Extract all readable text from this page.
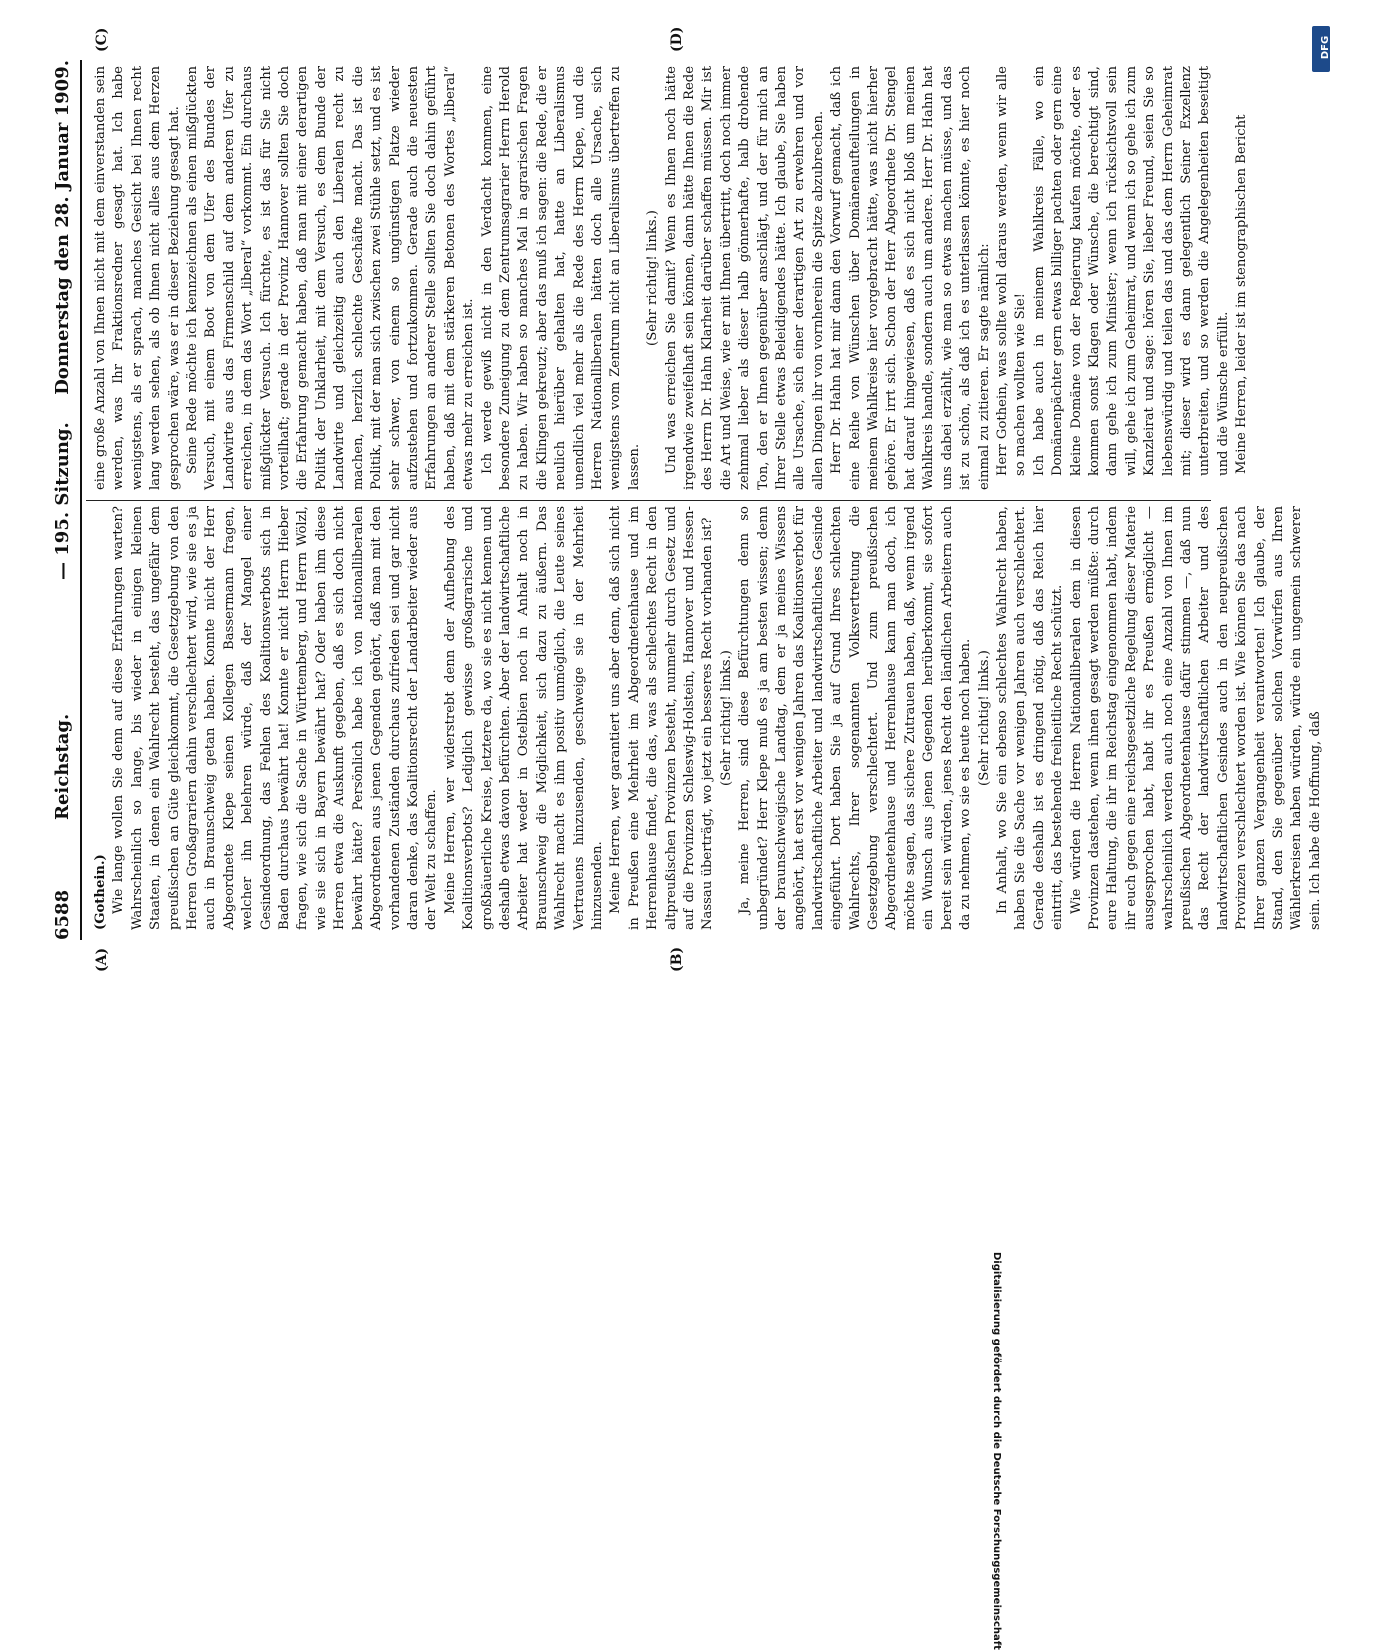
6588
Reichstag.
— 195. Sitzung.
Donnerstag den 28. Januar 1909.
(A)	(B)
(C)	(D)

(Gothein.) Wie lange wollen Sie denn auf diese Erfahrungen warten? Wahrscheinlich so lange, bis wieder in einigen kleinen Staaten, in denen ein Wahlrecht besteht, das ungefähr dem preußischen an Güte gleichkommt, die Gesetzgebung von den Herren Großagrariern dahin verschlechtert wird, wie sie es ja auch in Braunschweig getan haben. Konnte nicht der Herr Abgeordnete Klepe seinen Kollegen Bassermann fragen, welcher ihn belehren würde, daß der Mangel einer Gesindeordnung, das Fehlen des Koalitionsverbots sich in Baden durchaus bewährt hat! Konnte er nicht Herrn Hieber fragen, wie sich die Sache in Württemberg, und Herrn Wölzl, wie sie sich in Bayern bewährt hat? Oder haben ihm diese Herren etwa die Auskunft gegeben, daß es sich doch nicht bewährt hätte? Persönlich habe ich von nationalliberalen Abgeordneten aus jenen Gegenden gehört, daß man mit den vorhandenen Zuständen durchaus zufrieden sei und gar nicht daran denke, das Koalitionsrecht der Landarbeiter wieder aus der Welt zu schaffen. Meine Herren, wer widerstrebt denn der Aufhebung des Koalitionsverbots? Lediglich gewisse großagrarische und großbäuerliche Kreise, letztere da, wo sie es nicht kennen und deshalb etwas davon befürchten. Aber der landwirtschaftliche Arbeiter hat weder in Ostelbien noch in Anhalt noch in Braunschweig die Möglichkeit, sich dazu zu äußern. Das Wahlrecht macht es ihm positiv unmöglich, die Leute seines Vertrauens hinzusenden, geschweige sie in der Mehrheit hinzusenden. Meine Herren, wer garantiert uns aber denn, daß sich nicht in Preußen eine Mehrheit im Abgeordnetenhause und im Herrenhause findet, die das, was als schlechtes Recht in den altpreußischen Provinzen besteht, nunmehr durch Gesetz und auf die Provinzen Schleswig-Holstein, Hannover und Hessen-Nassau überträgt, wo jetzt ein besseres Recht vorhanden ist? (Sehr richtig! links.) Ja, meine Herren, sind diese Befürchtungen denn so unbegründet? Herr Klepe muß es ja am besten wissen; denn der braunschweigische Landtag, dem er ja meines Wissens angehört, hat erst vor wenigen Jahren das Koalitionsverbot für landwirtschaftliche Arbeiter und landwirtschaftliches Gesinde eingeführt. Dort haben Sie ja auf Grund Ihres schlechten Wahlrechts, Ihrer sogenannten Volksvertretung die Gesetzgebung verschlechtert. Und zum preußischen Abgeordnetenhause und Herrenhause kann man doch, ich möchte sagen, das sichere Zutrauen haben, daß, wenn irgend ein Wunsch aus jenen Gegenden herüberkommt, sie sofort bereit sein würden, jenes Recht den ländlichen Arbeitern auch da zu nehmen, wo sie es heute noch haben. (Sehr richtig! links.) In Anhalt, wo Sie ein ebenso schlechtes Wahlrecht haben, haben Sie die Sache vor wenigen Jahren auch verschlechtert. Gerade deshalb ist es dringend nötig, daß das Reich hier eintritt, das bestehende freiheitliche Recht schützt. Wie würden die Herren Nationalliberalen dem in diesen Provinzen dastehen, wenn ihnen gesagt werden müßte: durch eure Haltung, die ihr im Reichstag eingenommen habt, indem ihr euch gegen eine reichsgesetzliche Regelung dieser Materie ausgesprochen habt, habt ihr es Preußen ermöglicht — wahrscheinlich werden auch noch eine Anzahl von Ihnen im preußischen Abgeordnetenhause dafür stimmen —, daß nun das Recht der landwirtschaftlichen Arbeiter und des landwirtschaftlichen Gesindes auch in den neupreußischen Provinzen verschlechtert worden ist. Wie können Sie das nach Ihrer ganzen Vergangenheit verantworten! Ich glaube, der Stand, den Sie gegenüber solchen Vorwürfen aus Ihren Wählerkreisen haben würden, würde ein ungemein schwerer sein. Ich habe die Hoffnung, daß

eine große Anzahl von Ihnen nicht mit dem einverstanden sein werden, was Ihr Fraktionsredner gesagt hat. Ich habe wenigstens, als er sprach, manches Gesicht bei Ihnen recht lang werden sehen, als ob Ihnen nicht alles aus dem Herzen gesprochen wäre, was er in dieser Beziehung gesagt hat. Seine Rede möchte ich kennzeichnen als einen mißglückten Versuch, mit einem Boot von dem Ufer des Bundes der Landwirte aus das Firmenschild auf dem anderen Ufer zu erreichen, in dem das Wort „liberal“ vorkommt. Ein durchaus mißglückter Versuch. Ich fürchte, es ist das für Sie nicht vorteilhaft; gerade in der Provinz Hannover sollten Sie doch die Erfahrung gemacht haben, daß man mit einer derartigen Politik der Unklarheit, mit dem Versuch, es dem Bunde der Landwirte und gleichzeitig auch den Liberalen recht zu machen, herzlich schlechte Geschäfte macht. Das ist die Politik, mit der man sich zwischen zwei Stühle setzt, und es ist sehr schwer, von einem so ungünstigen Platze wieder aufzustehen und fortzukommen. Gerade auch die neuesten Erfahrungen an anderer Stelle sollten Sie doch dahin geführt haben, daß mit dem stärkeren Betonen des Wortes „liberal“ etwas mehr zu erreichen ist. Ich werde gewiß nicht in den Verdacht kommen, eine besondere Zuneigung zu dem Zentrumsagrarier Herrn Herold zu haben. Wir haben so manches Mal in agrarischen Fragen die Klingen gekreuzt; aber das muß ich sagen: die Rede, die er neulich hierüber gehalten hat, hatte an Liberalismus unendlich viel mehr als die Rede des Herrn Klepe, und die Herren Nationalliberalen hätten doch alle Ursache, sich wenigstens vom Zentrum nicht an Liberalismus übertreffen zu lassen.

(Sehr richtig! links.) Und was erreichen Sie damit? Wenn es Ihnen noch hätte irgendwie zweifelhaft sein können, dann hätte Ihnen die Rede des Herrn Dr. Hahn Klarheit darüber schaffen müssen. Mir ist die Art und Weise, wie er mit Ihnen übertritt, doch noch immer zehnmal lieber als dieser halb gönnerhafte, halb drohende Ton, den er Ihnen gegenüber anschlägt, und der für mich an Ihrer Stelle etwas Beleidigendes hätte. Ich glaube, Sie haben alle Ursache, sich einer derartigen Art zu erwehren und vor allen Dingen ihr von vornherein die Spitze abzubrechen. Herr Dr. Hahn hat mir dann den Vorwurf gemacht, daß ich eine Reihe von Wünschen über Domänenaufteilungen in meinem Wahlkreise hier vorgebracht hätte, was nicht hierher gehöre. Er irrt sich. Schon der Herr Abgeordnete Dr. Stengel hat darauf hingewiesen, daß es sich nicht bloß um meinen Wahlkreis handle, sondern auch um andere. Herr Dr. Hahn hat uns dabei erzählt, wie man so etwas machen müsse, und das ist zu schön, als daß ich es unterlassen könnte, es hier noch einmal zu zitieren. Er sagte nämlich: Herr Gothein, was sollte wohl daraus werden, wenn wir alle so machen wollten wie Sie! Ich habe auch in meinem Wahlkreis Fälle, wo ein Domänenpächter gern etwas billiger pachten oder gern eine kleine Domäne von der Regierung kaufen möchte, oder es kommen sonst Klagen oder Wünsche, die berechtigt sind, dann gehe ich zum Minister; wenn ich rücksichtsvoll sein will, gehe ich zum Geheimrat, und wenn ich so gehe ich zum Kanzleirat und sage: hören Sie, lieber Freund, seien Sie so liebenswürdig und teilen das und das dem Herrn Geheimrat mit; dieser wird es dann gelegentlich Seiner Exzellenz unterbreiten, und so werden die Angelegenheiten beseitigt und die Wünsche erfüllt. Meine Herren, leider ist im stenographischen Bericht

Digitalisierung gefördert durch die Deutsche Forschungsgemeinschaft
DFG
